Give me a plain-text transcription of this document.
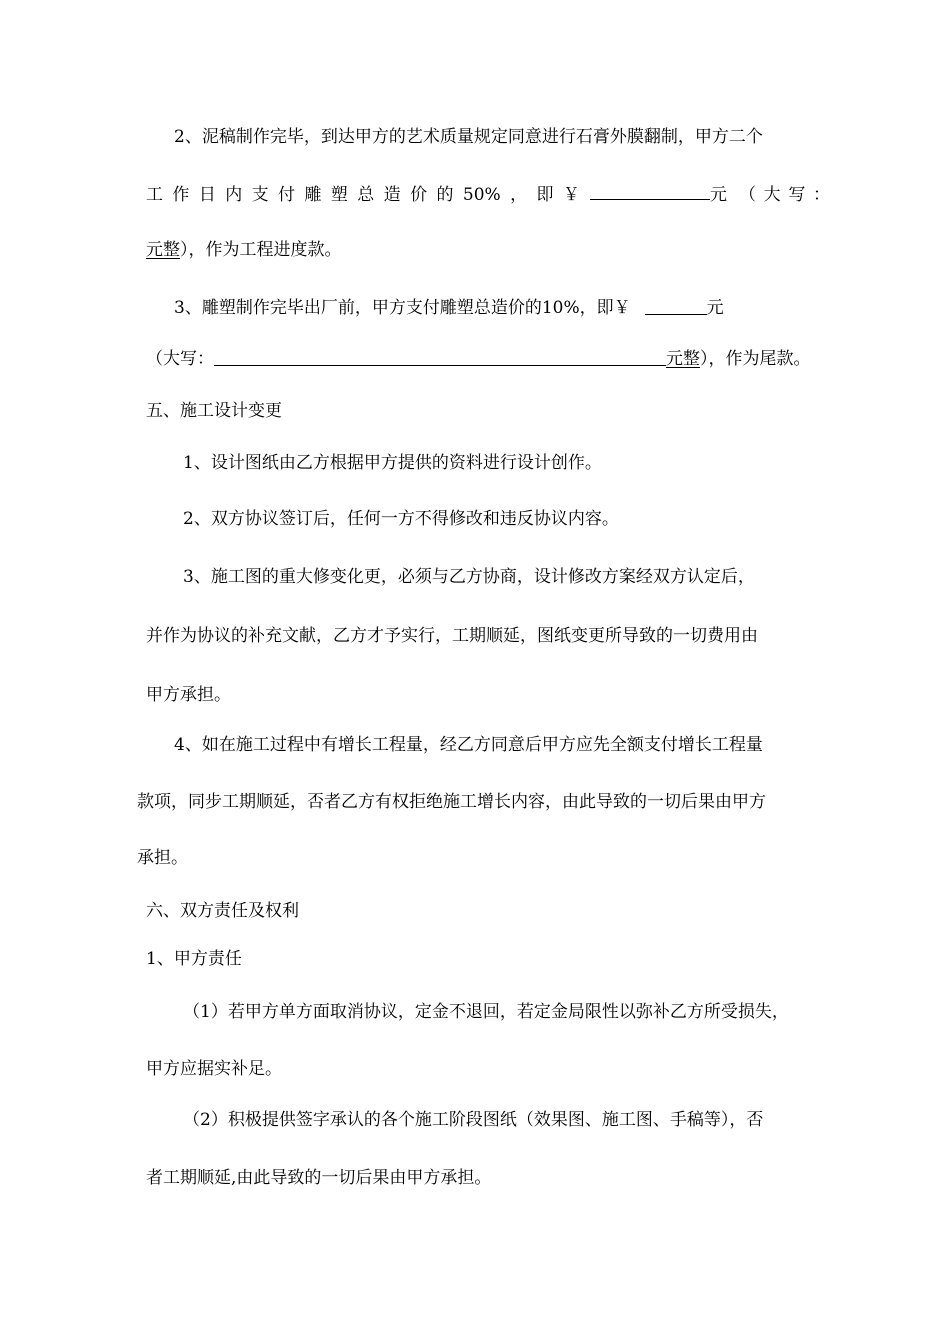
2、泥稿制作完毕，到达甲方的艺术质量规定同意进行石膏外膜翻制，甲方二个
工 作 日 内 支 付 雕 塑 总 造 价 的 50% ， 即 ￥	元 （ 大 写 ：
元整），作为工程进度款。
3、雕塑制作完毕出厂前，甲方支付雕塑总造价的10%，即￥	元
（大写：	元整），作为尾款。
五、施工设计变更
1、设计图纸由乙方根据甲方提供的资料进行设计创作。
2、双方协议签订后，任何一方不得修改和违反协议内容。
3、施工图的重大修变化更，必须与乙方协商，设计修改方案经双方认定后，
并作为协议的补充文献，乙方才予实行，工期顺延，图纸变更所导致的一切费用由
甲方承担。
4、如在施工过程中有增长工程量，经乙方同意后甲方应先全额支付增长工程量
款项，同步工期顺延，否者乙方有权拒绝施工增长内容，由此导致的一切后果由甲方
承担。
六、双方责任及权利
1、甲方责任
（1）若甲方单方面取消协议，定金不退回，若定金局限性以弥补乙方所受损失，
甲方应据实补足。
（2）积极提供签字承认的各个施工阶段图纸（效果图、施工图、手稿等），否
者工期顺延,由此导致的一切后果由甲方承担。
